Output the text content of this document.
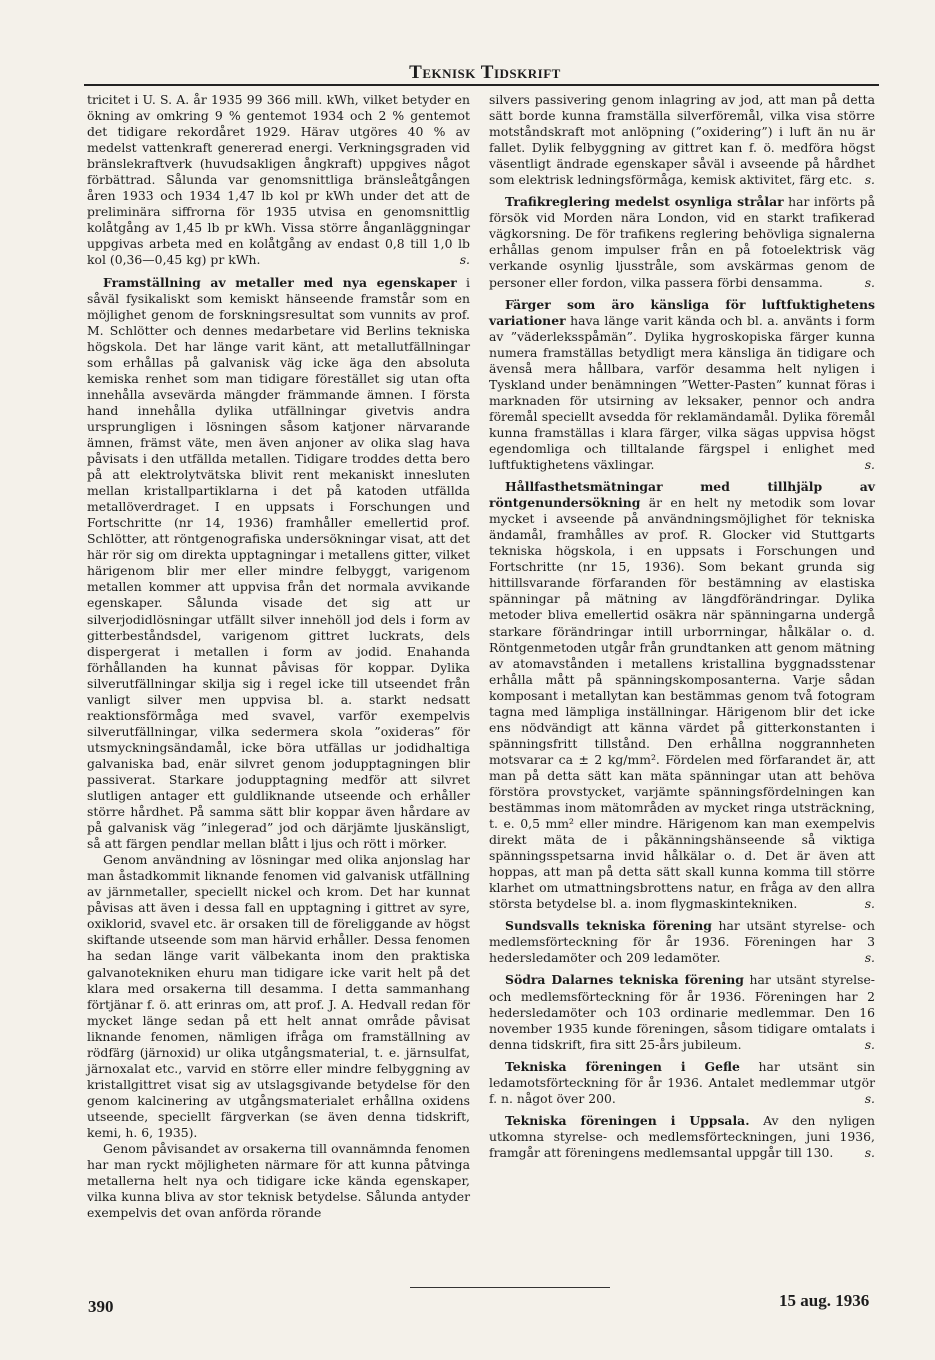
Teknisk Tidskrift

tricitet i U. S. A. år 1935 99 366 mill. kWh, vilket betyder en ökning av omkring 9 % gentemot 1934 och 2 % gentemot det tidigare rekordåret 1929. Härav utgöres 40 % av medelst vattenkraft genererad energi. Verkningsgraden vid bränslekraftverk (huvudsakligen ångkraft) uppgives något förbättrad. Sålunda var genomsnittliga bränsleåtgången åren 1933 och 1934 1,47 lb kol pr kWh under det att de preliminära siffrorna för 1935 utvisa en genomsnittlig kolåtgång av 1,45 lb pr kWh. Vissa större ånganläggningar uppgivas arbeta med en kolåtgång av endast 0,8 till 1,0 lb kol (0,36—0,45 kg) pr kWh.	s.

Framställning av metaller med nya egenskaper i såväl fysikaliskt som kemiskt hänseende framstår som en möjlighet genom de forskningsresultat som vunnits av prof. M. Schlötter och dennes medarbetare vid Berlins tekniska högskola. Det har länge varit känt, att metallutfällningar som erhållas på galvanisk väg icke äga den absoluta kemiska renhet som man tidigare förestället sig utan ofta innehålla avsevärda mängder främmande ämnen. I första hand innehålla dylika utfällningar givetvis andra ursprungligen i lösningen såsom katjoner närvarande ämnen, främst väte, men även anjoner av olika slag hava påvisats i den utfällda metallen. Tidigare troddes detta bero på att elektrolytvätska blivit rent mekaniskt innesluten mellan kristallpartiklarna i det på katoden utfällda metallöverdraget. I en uppsats i Forschungen und Fortschritte (nr 14, 1936) framhåller emellertid prof. Schlötter, att röntgenografiska undersökningar visat, att det här rör sig om direkta upptagningar i metallens gitter, vilket härigenom blir mer eller mindre felbyggt, varigenom metallen kommer att uppvisa från det normala avvikande egenskaper. Sålunda visade det sig att ur silverjodidlösningar utfällt silver innehöll jod dels i form av gitterbeståndsdel, varigenom gittret luckrats, dels dispergerat i metallen i form av jodid. Enahanda förhållanden ha kunnat påvisas för koppar. Dylika silverutfällningar skilja sig i regel icke till utseendet från vanligt silver men uppvisa bl. a. starkt nedsatt reaktionsförmåga med svavel, varför exempelvis silverutfällningar, vilka sedermera skola ”oxideras” för utsmyckningsändamål, icke böra utfällas ur jodidhaltiga galvaniska bad, enär silvret genom jodupptagningen blir passiverat. Starkare jodupptagning medför att silvret slutligen antager ett guldliknande utseende och erhåller större hårdhet. På samma sätt blir koppar även hårdare av på galvanisk väg ”inlegerad” jod och därjämte ljuskänsligt, så att färgen pendlar mellan blått i ljus och rött i mörker.

Genom användning av lösningar med olika anjonslag har man åstadkommit liknande fenomen vid galvanisk utfällning av järnmetaller, speciellt nickel och krom. Det har kunnat påvisas att även i dessa fall en upptagning i gittret av syre, oxiklorid, svavel etc. är orsaken till de föreliggande av högst skiftande utseende som man härvid erhåller. Dessa fenomen ha sedan länge varit välbekanta inom den praktiska galvanotekniken ehuru man tidigare icke varit helt på det klara med orsakerna till desamma. I detta sammanhang förtjänar f. ö. att erinras om, att prof. J. A. Hedvall redan för mycket länge sedan på ett helt annat område påvisat liknande fenomen, nämligen ifråga om framställning av rödfärg (järnoxid) ur olika utgångsmaterial, t. e. järnsulfat, järnoxalat etc., varvid en större eller mindre felbyggning av kristallgittret visat sig av utslagsgivande betydelse för den genom kalcinering av utgångsmaterialet erhållna oxidens utseende, speciellt färgverkan (se även denna tidskrift, kemi, h. 6, 1935).

Genom påvisandet av orsakerna till ovannämnda fenomen har man ryckt möjligheten närmare för att kunna påtvinga metallerna helt nya och tidigare icke kända egenskaper, vilka kunna bliva av stor teknisk betydelse. Sålunda antyder exempelvis det ovan anförda rörande

silvers passivering genom inlagring av jod, att man på detta sätt borde kunna framställa silverföremål, vilka visa större motståndskraft mot anlöpning (”oxidering”) i luft än nu är fallet. Dylik felbyggning av gittret kan f. ö. medföra högst väsentligt ändrade egenskaper såväl i avseende på hårdhet som elektrisk ledningsförmåga, kemisk aktivitet, färg etc. s.

Trafikreglering medelst osynliga strålar har införts på försök vid Morden nära London, vid en starkt trafikerad vägkorsning. De för trafikens reglering behövliga signalerna erhållas genom impulser från en på fotoelektrisk väg verkande osynlig ljusstråle, som avskärmas genom de personer eller fordon, vilka passera förbi densamma.	s.

Färger som äro känsliga för luftfuktighetens variationer hava länge varit kända och bl. a. använts i form av ”väderleksspåmän”. Dylika hygroskopiska färger kunna numera framställas betydligt mera känsliga än tidigare och ävenså mera hållbara, varför desamma helt nyligen i Tyskland under benämningen ”Wetter-Pasten” kunnat föras i marknaden för utsirning av leksaker, pennor och andra föremål speciellt avsedda för reklamändamål. Dylika föremål kunna framställas i klara färger, vilka sägas uppvisa högst egendomliga och tilltalande färgspel i enlighet med luftfuktighetens växlingar.	s.

Hållfasthetsmätningar med tillhjälp av röntgenundersökning är en helt ny metodik som lovar mycket i avseende på användningsmöjlighet för tekniska ändamål, framhålles av prof. R. Glocker vid Stuttgarts tekniska högskola, i en uppsats i Forschungen und Fortschritte (nr 15, 1936). Som bekant grunda sig hittillsvarande förfaranden för bestämning av elastiska spänningar på mätning av längdförändringar. Dylika metoder bliva emellertid osäkra när spänningarna undergå starkare förändringar intill urborrningar, hålkälar o. d. Röntgenmetoden utgår från grundtanken att genom mätning av atomavstånden i metallens kristallina byggnadsstenar erhålla mått på spänningskomposanterna. Varje sådan komposant i metallytan kan bestämmas genom två fotogram tagna med lämpliga inställningar. Härigenom blir det icke ens nödvändigt att känna värdet på gitterkonstanten i spänningsfritt tillstånd. Den erhållna noggrannheten motsvarar ca ± 2 kg/mm². Fördelen med förfarandet är, att man på detta sätt kan mäta spänningar utan att behöva förstöra provstycket, varjämte spänningsfördelningen kan bestämmas inom mätområden av mycket ringa utsträckning, t. e. 0,5 mm² eller mindre. Härigenom kan man exempelvis direkt mäta de i påkänningshänseende så viktiga spänningsspetsarna invid hålkälar o. d. Det är även att hoppas, att man på detta sätt skall kunna komma till större klarhet om utmattningsbrottens natur, en fråga av den allra största betydelse bl. a. inom flygmaskintekniken.	s.

Sundsvalls tekniska förening har utsänt styrelse- och medlemsförteckning för år 1936. Föreningen har 3 hedersledamöter och 209 ledamöter.	s.

Södra Dalarnes tekniska förening har utsänt styrelse- och medlemsförteckning för år 1936. Föreningen har 2 hedersledamöter och 103 ordinarie medlemmar. Den 16 november 1935 kunde föreningen, såsom tidigare omtalats i denna tidskrift, fira sitt 25-års jubileum.	s.

Tekniska föreningen i Gefle har utsänt sin ledamotsförteckning för år 1936. Antalet medlemmar utgör f. n. något över 200.	s.

Tekniska föreningen i Uppsala. Av den nyligen utkomna styrelse- och medlemsförteckningen, juni 1936, framgår att föreningens medlemsantal uppgår till 130.	s.

390	15 aug. 1936
